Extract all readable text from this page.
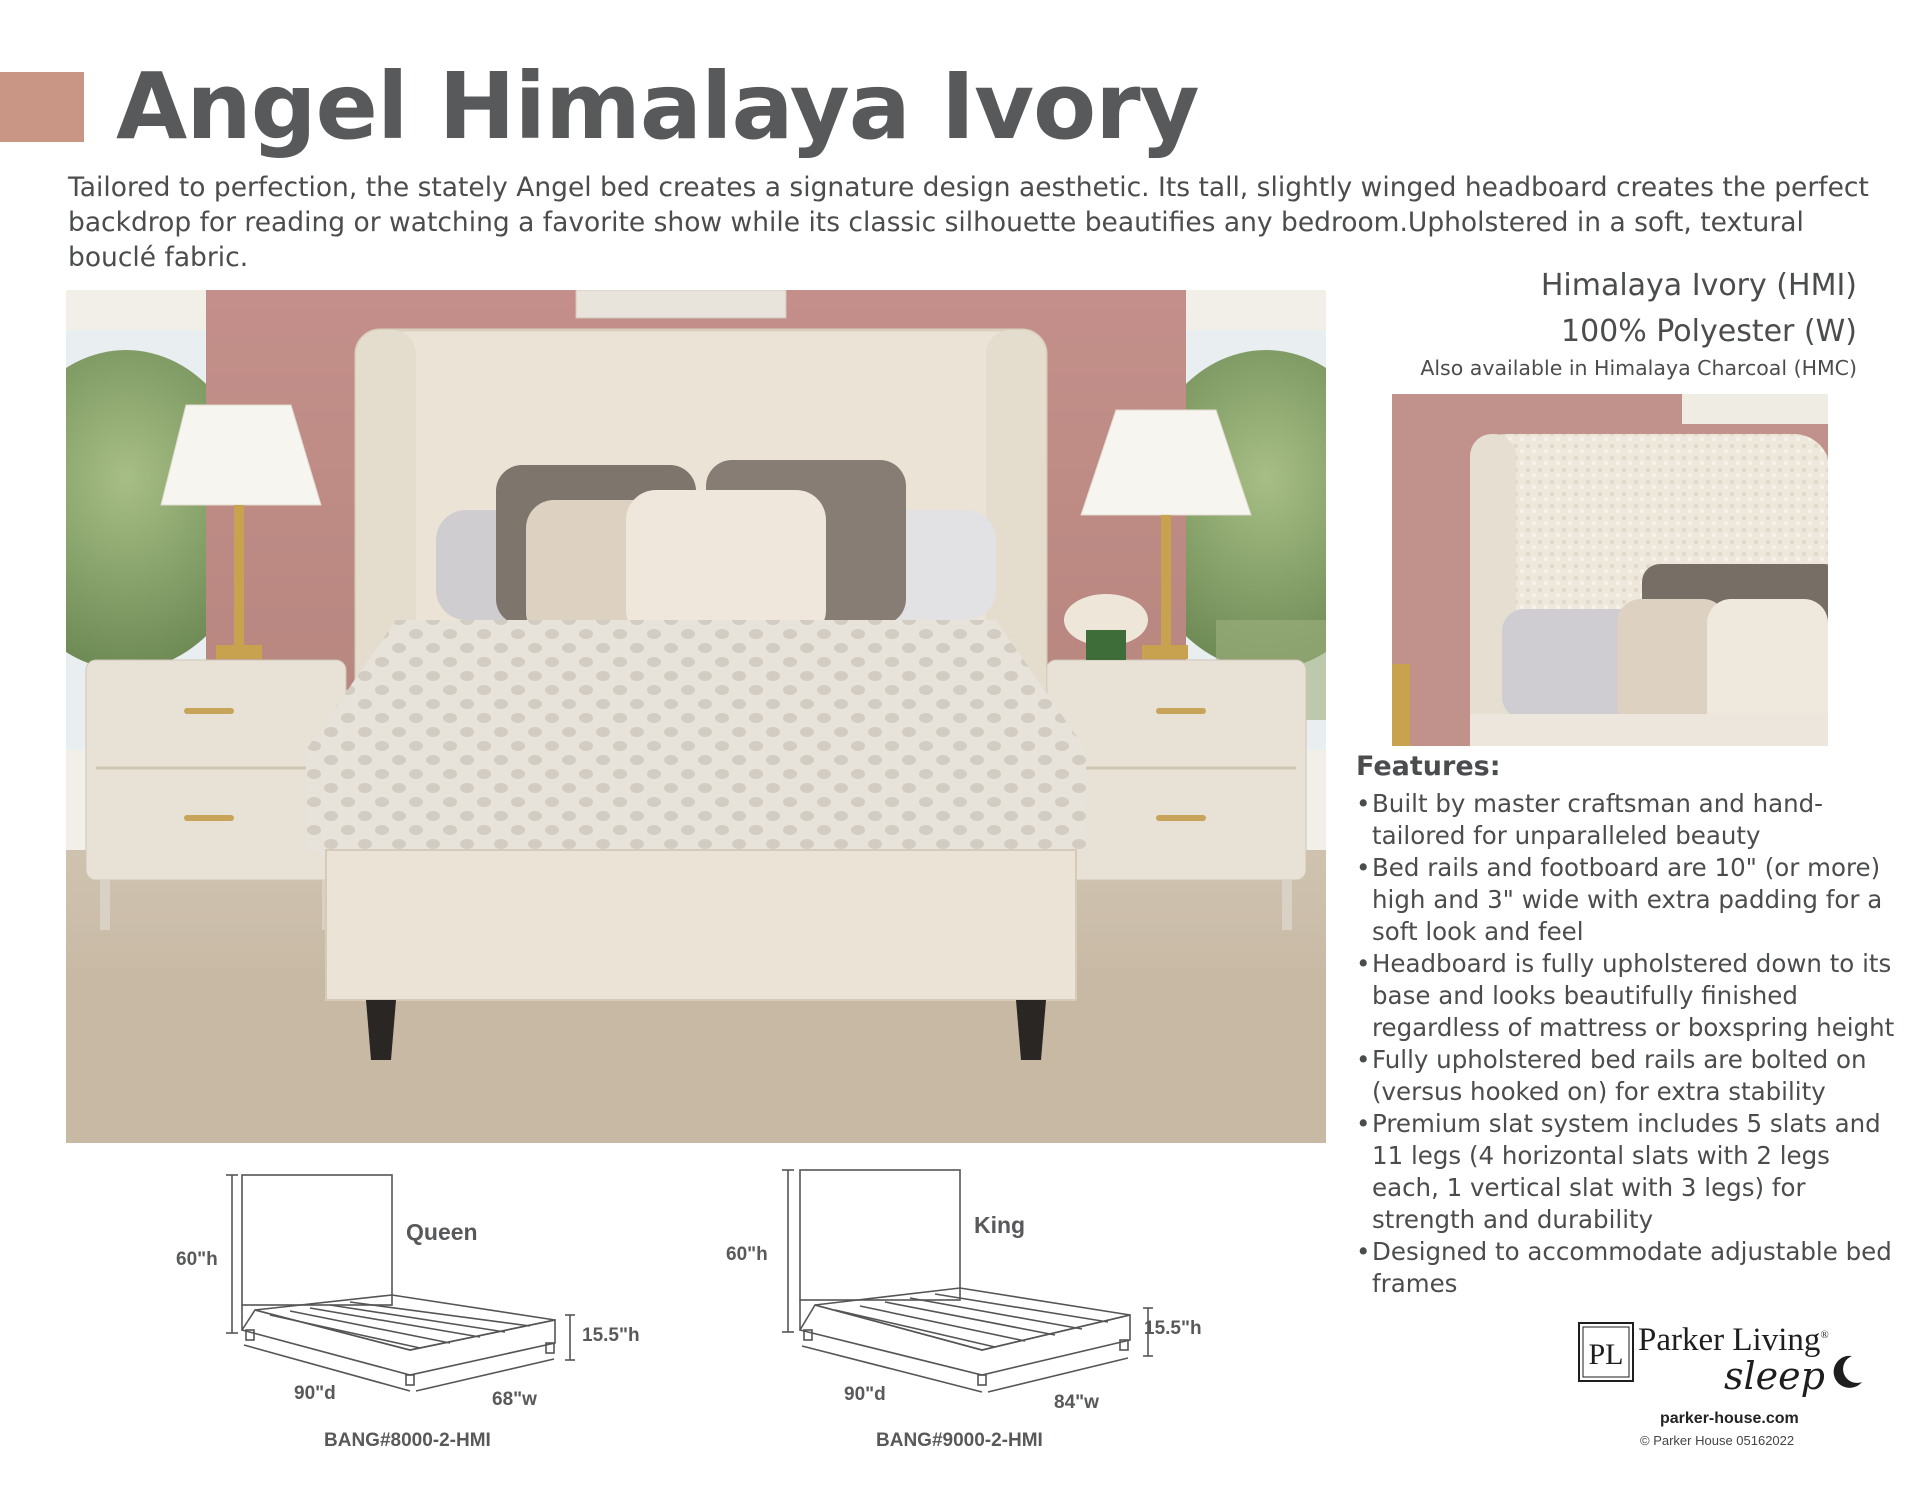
Angel Himalaya Ivory
Tailored to perfection, the stately Angel bed creates a signature design aesthetic. Its tall, slightly winged headboard creates the perfect backdrop for reading or watching a favorite show while its classic silhouette beautifies any bedroom.Upholstered in a soft, textural bouclé fabric.
Himalaya Ivory (HMI)
100% Polyester (W)
Also available in Himalaya Charcoal (HMC)
Features:
• Built by master craftsman and hand-tailored for unparalleled beauty
• Bed rails and footboard are 10" (or more) high and 3" wide with extra padding for a soft look and feel
• Headboard is fully upholstered down to its base and looks beautifully finished regardless of mattress or boxspring height
• Fully upholstered bed rails are bolted on (versus hooked on) for extra stability
• Premium slat system includes 5 slats and 11 legs (4 horizontal slats with 2 legs each, 1 vertical slat with 3 legs) for strength and durability
• Designed to accommodate adjustable bed frames
Queen
60"h
15.5"h
90"d	68"w
BANG#8000-2-HMI
King
60"h
15.5"h
90"d	84"w
BANG#9000-2-HMI
PL Parker Living®
sleep
parker-house.com
© Parker House 05162022
